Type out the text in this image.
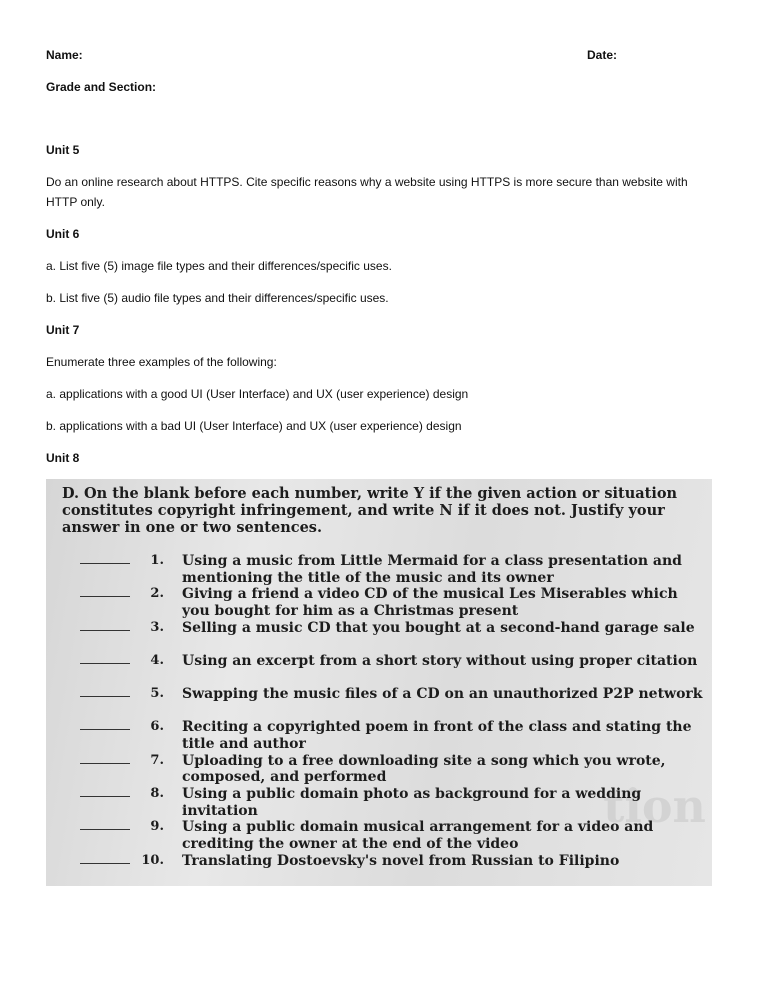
Name:	Date:

Grade and Section:

Unit 5

Do an online research about HTTPS. Cite specific reasons why a website using HTTPS is more secure than website with HTTP only.

Unit 6

a. List five (5) image file types and their differences/specific uses.

b. List five (5) audio file types and their differences/specific uses.

Unit 7

Enumerate three examples of the following:

a. applications with a good UI (User Interface) and UX (user experience) design

b. applications with a bad UI (User Interface) and UX (user experience) design

Unit 8

tion
D. On the blank before each number, write Y if the given action or situation constitutes copyright infringement, and write N if it does not. Justify your answer in one or two sentences.
1. Using a music from Little Mermaid for a class presentation and mentioning the title of the music and its owner
2. Giving a friend a video CD of the musical Les Miserables which you bought for him as a Christmas present
3. Selling a music CD that you bought at a second-hand garage sale
4. Using an excerpt from a short story without using proper citation
5. Swapping the music files of a CD on an unauthorized P2P network
6. Reciting a copyrighted poem in front of the class and stating the title and author
7. Uploading to a free downloading site a song which you wrote, composed, and performed
8. Using a public domain photo as background for a wedding invitation
9. Using a public domain musical arrangement for a video and crediting the owner at the end of the video
10. Translating Dostoevsky's novel from Russian to Filipino
